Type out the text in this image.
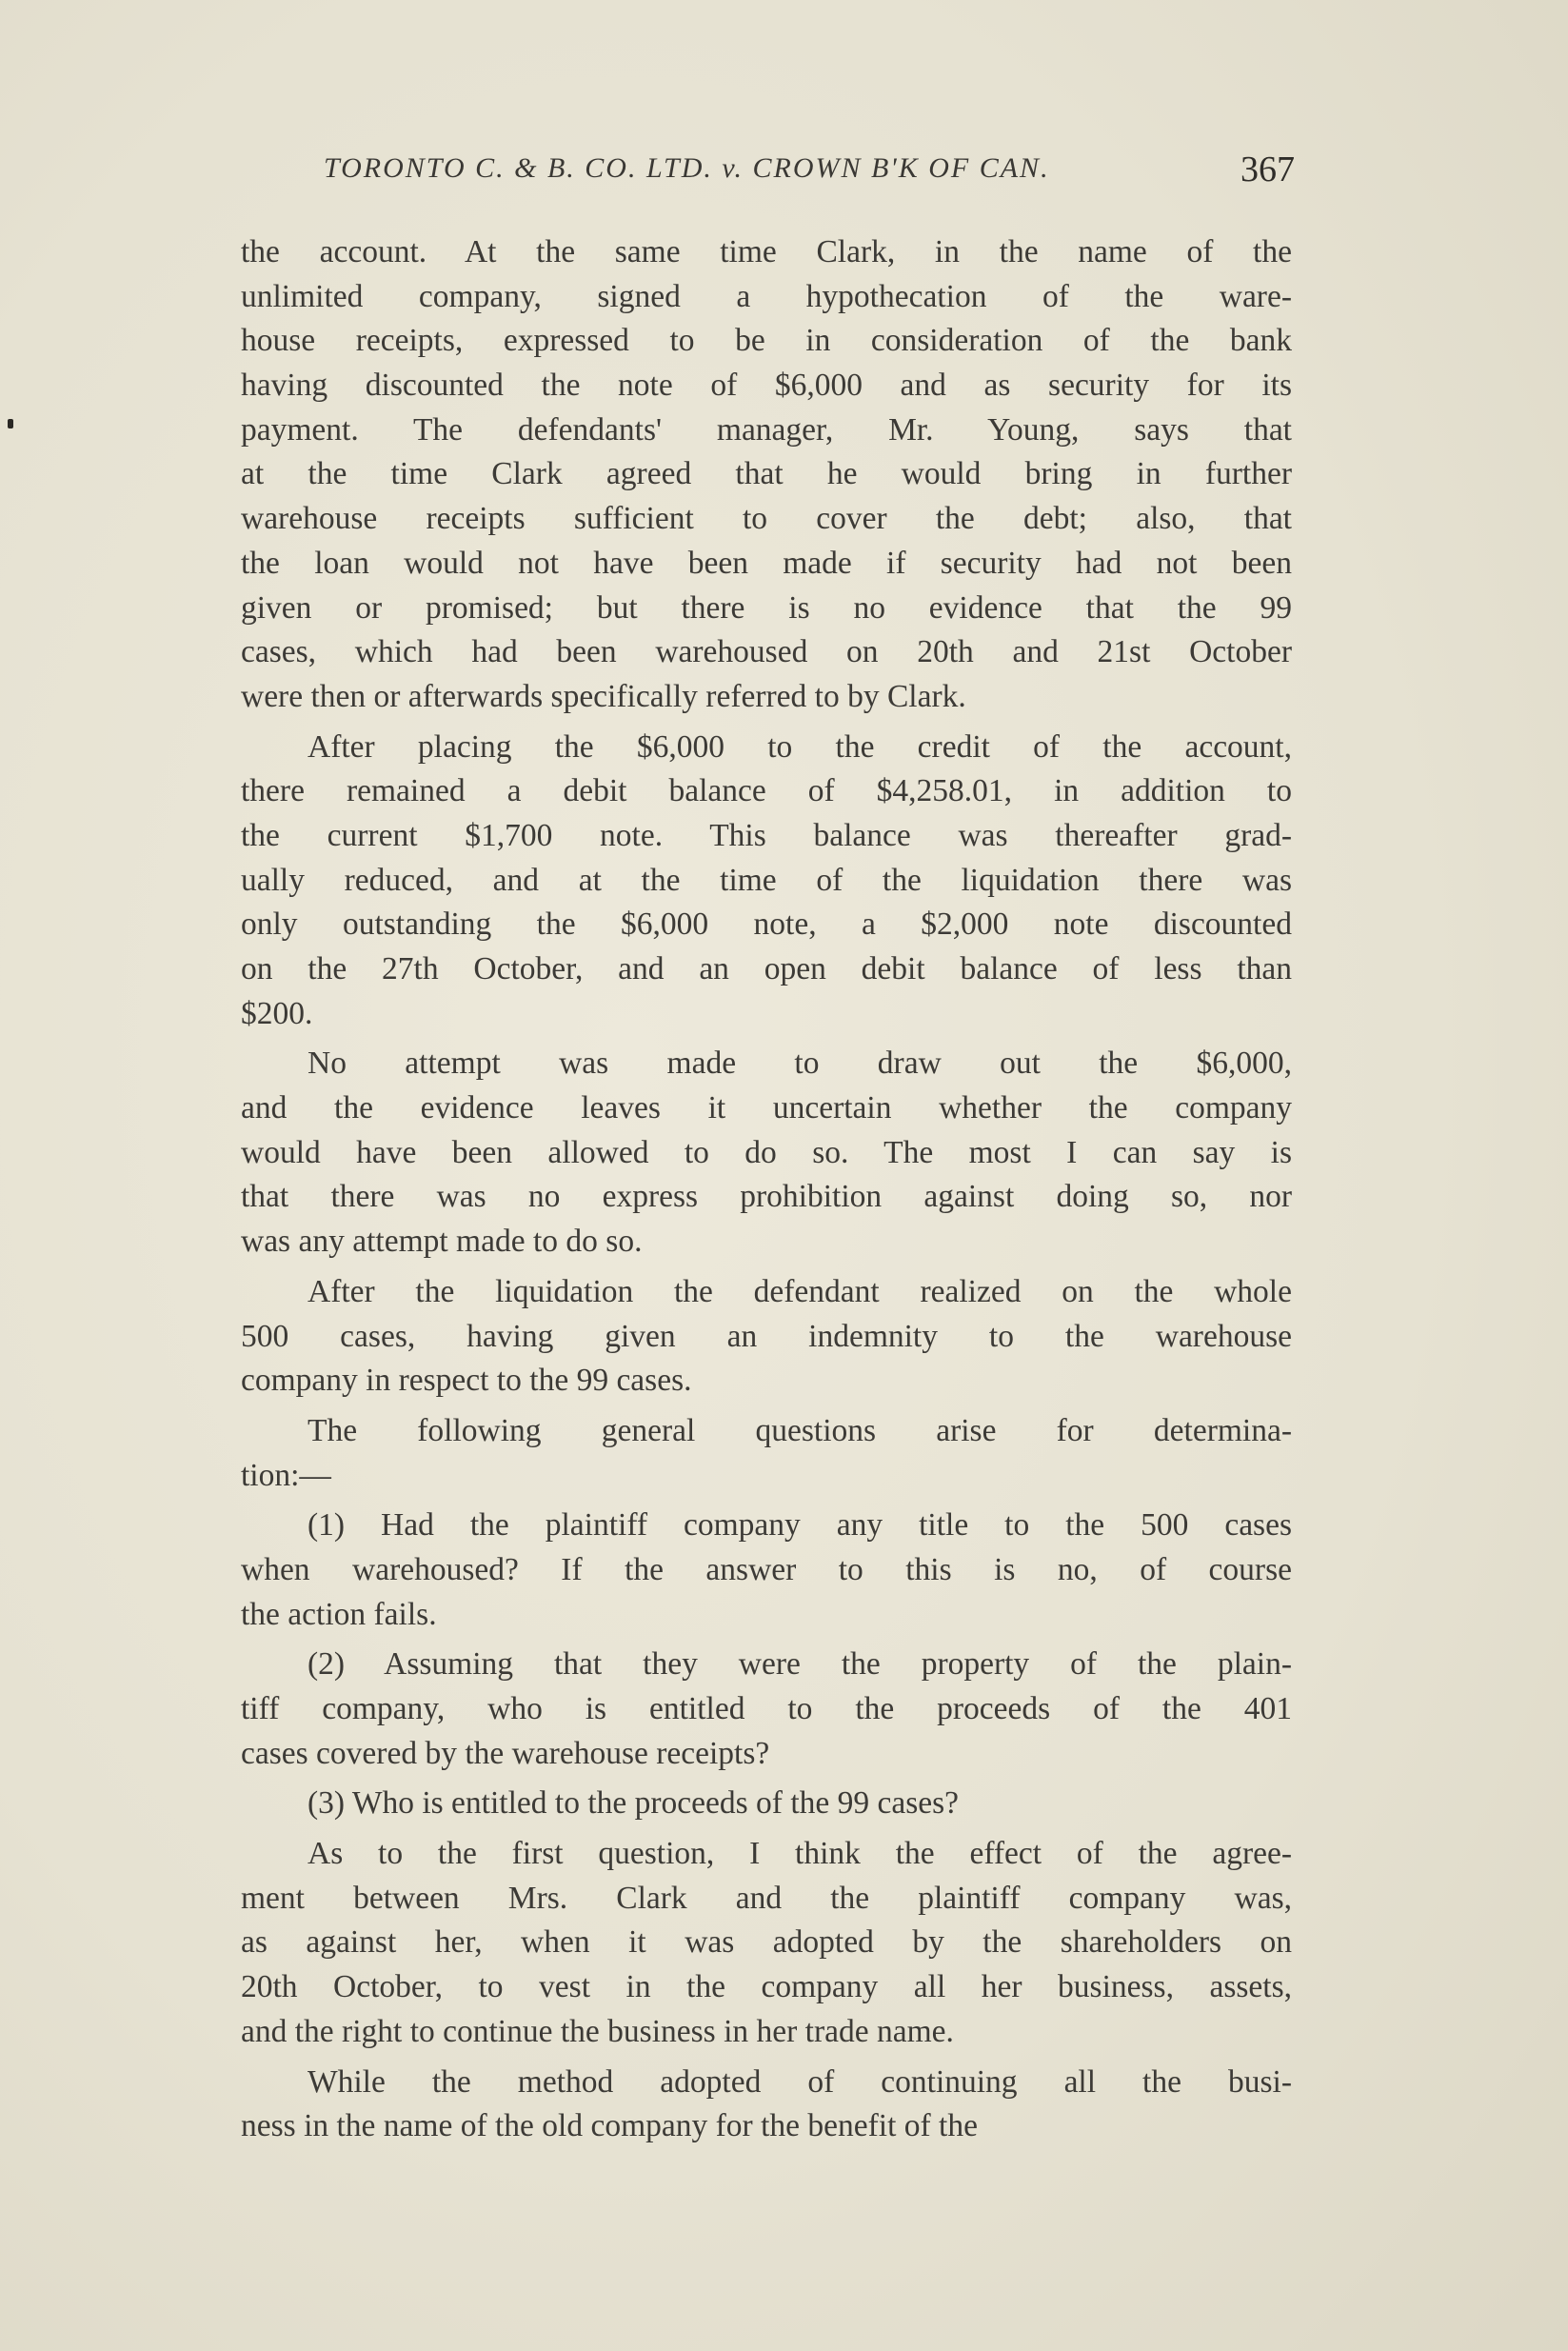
TORONTO C. & B. CO. LTD. v. CROWN B'K OF CAN.	367
the account. At the same time Clark, in the name of the
unlimited company, signed a hypothecation of the ware-
house receipts, expressed to be in consideration of the bank
having discounted the note of $6,000 and as security for its
payment. The defendants' manager, Mr. Young, says that
at the time Clark agreed that he would bring in further
warehouse receipts sufficient to cover the debt; also, that
the loan would not have been made if security had not been
given or promised; but there is no evidence that the 99
cases, which had been warehoused on 20th and 21st October
were then or afterwards specifically referred to by Clark.
After placing the $6,000 to the credit of the account,
there remained a debit balance of $4,258.01, in addition to
the current $1,700 note. This balance was thereafter grad-
ually reduced, and at the time of the liquidation there was
only outstanding the $6,000 note, a $2,000 note discounted
on the 27th October, and an open debit balance of less than
$200.
No attempt was made to draw out the $6,000,
and the evidence leaves it uncertain whether the company
would have been allowed to do so. The most I can say is
that there was no express prohibition against doing so, nor
was any attempt made to do so.
After the liquidation the defendant realized on the whole
500 cases, having given an indemnity to the warehouse
company in respect to the 99 cases.
The following general questions arise for determina-
tion:—
(1) Had the plaintiff company any title to the 500 cases
when warehoused? If the answer to this is no, of course
the action fails.
(2) Assuming that they were the property of the plain-
tiff company, who is entitled to the proceeds of the 401
cases covered by the warehouse receipts?
(3) Who is entitled to the proceeds of the 99 cases?
As to the first question, I think the effect of the agree-
ment between Mrs. Clark and the plaintiff company was,
as against her, when it was adopted by the shareholders on
20th October, to vest in the company all her business, assets,
and the right to continue the business in her trade name.
While the method adopted of continuing all the busi-
ness in the name of the old company for the benefit of the
